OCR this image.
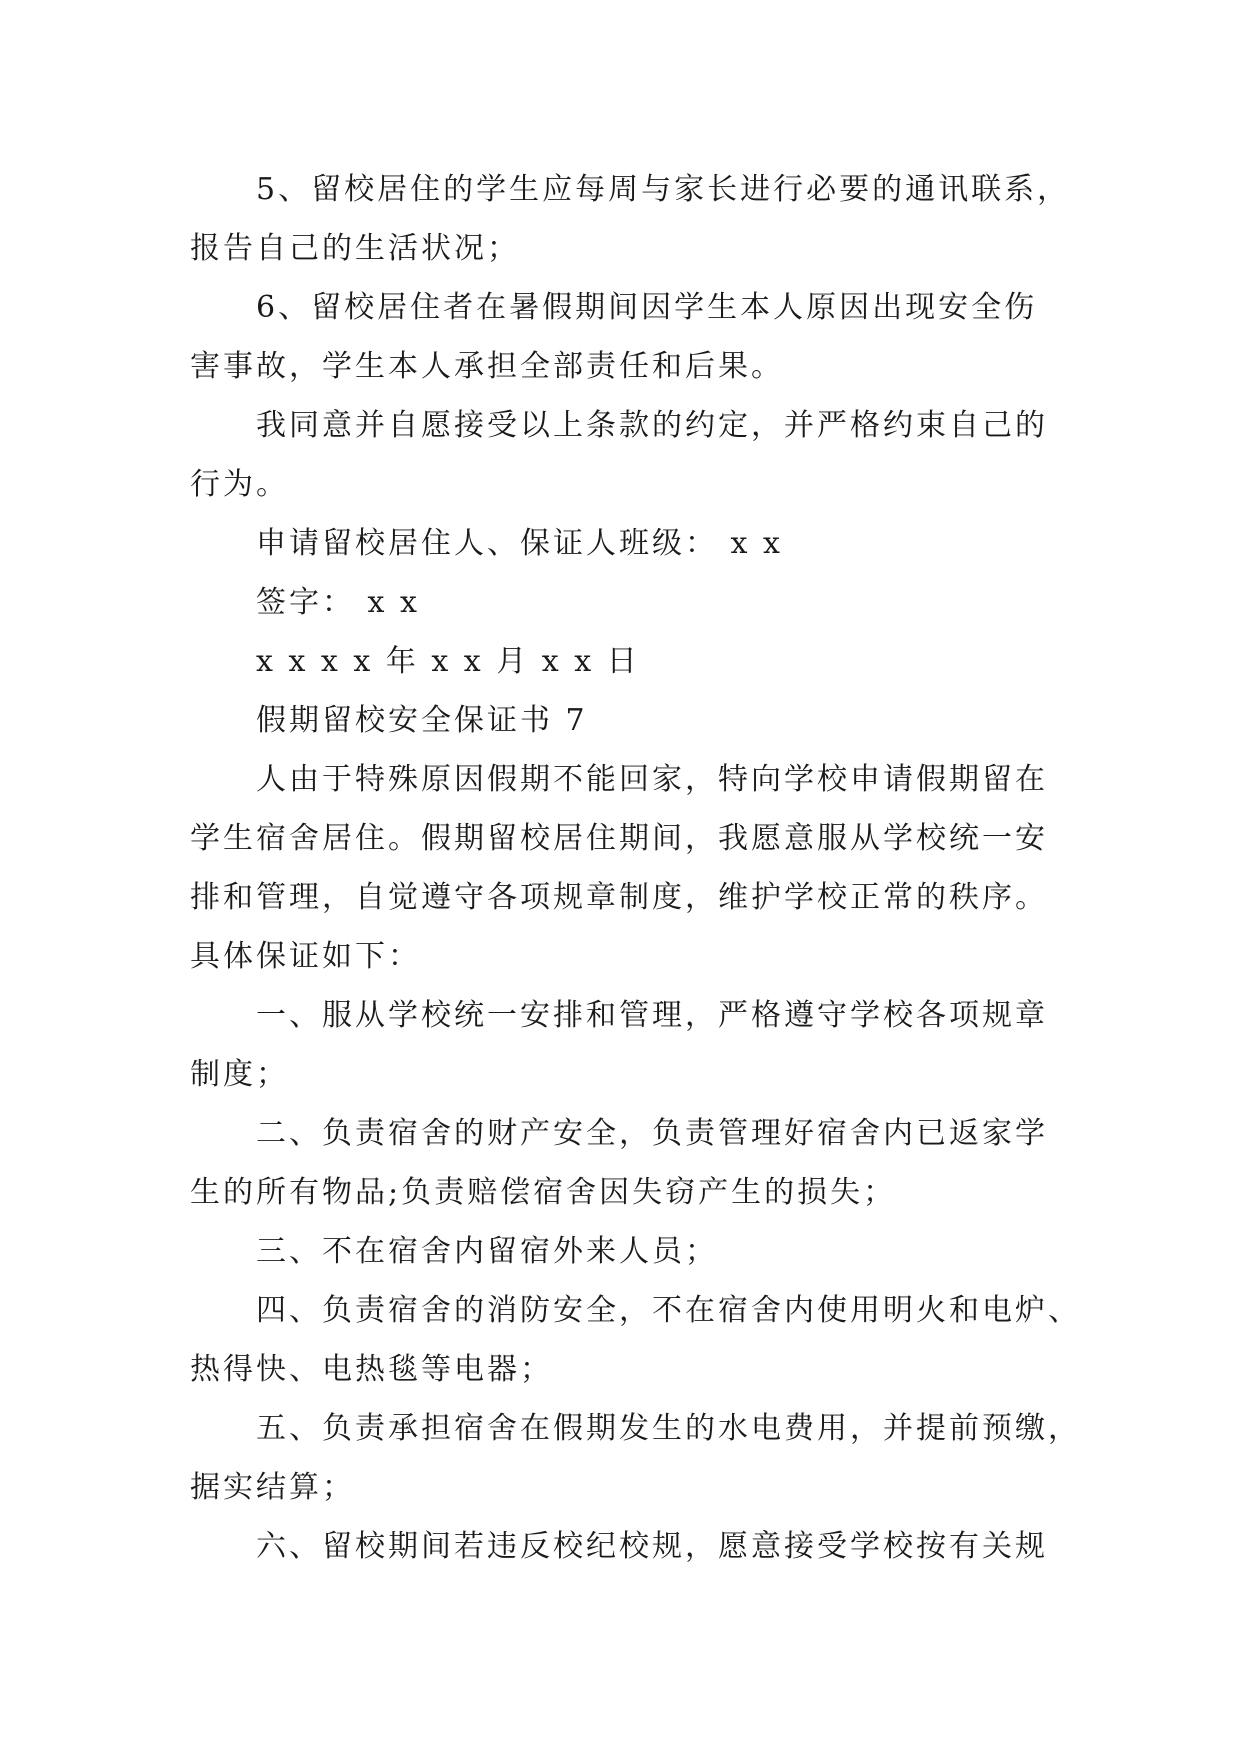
5、留校居住的学生应每周与家长进行必要的通讯联系，
报告自己的生活状况；
6、留校居住者在暑假期间因学生本人原因出现安全伤
害事故，学生本人承担全部责任和后果。
我同意并自愿接受以上条款的约定，并严格约束自己的
行为。
申请留校居住人、保证人班级： x x
签字： x x
x x x x 年 x x 月 x x 日
假期留校安全保证书 7
人由于特殊原因假期不能回家，特向学校申请假期留在
学生宿舍居住。假期留校居住期间，我愿意服从学校统一安
排和管理，自觉遵守各项规章制度，维护学校正常的秩序。
具体保证如下：
一、服从学校统一安排和管理，严格遵守学校各项规章
制度；
二、负责宿舍的财产安全，负责管理好宿舍内已返家学
生的所有物品;负责赔偿宿舍因失窃产生的损失；
三、不在宿舍内留宿外来人员；
四、负责宿舍的消防安全，不在宿舍内使用明火和电炉、
热得快、电热毯等电器；
五、负责承担宿舍在假期发生的水电费用，并提前预缴，
据实结算；
六、留校期间若违反校纪校规，愿意接受学校按有关规
